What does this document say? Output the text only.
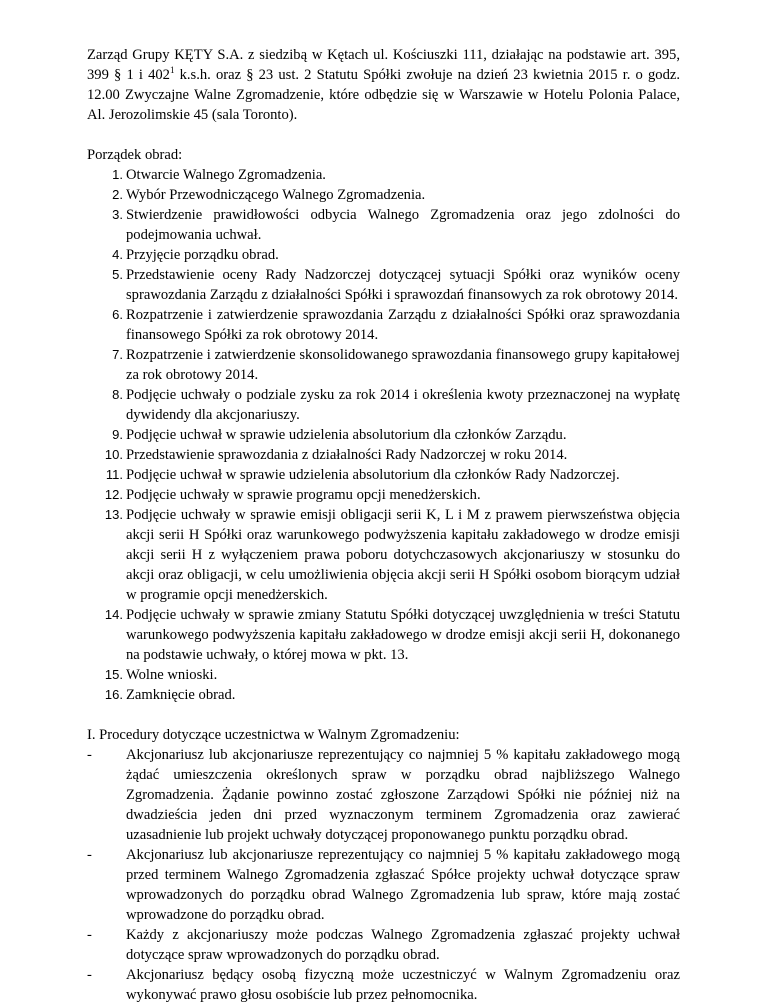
Zarząd Grupy KĘTY S.A. z siedzibą w Kętach ul. Kościuszki 111, działając na podstawie art. 395, 399 § 1 i $402^1$ k.s.h. oraz § 23 ust. 2 Statutu Spółki zwołuje na dzień 23 kwietnia 2015 r. o godz. 12.00 Zwyczajne Walne Zgromadzenie, które odbędzie się w Warszawie w Hotelu Polonia Palace, Al. Jerozolimskie 45 (sala Toronto).

Porządek obrad:

1. Otwarcie Walnego Zgromadzenia.
2. Wybór Przewodniczącego Walnego Zgromadzenia.
3. Stwierdzenie prawidłowości odbycia Walnego Zgromadzenia oraz jego zdolności do podejmowania uchwał.
4. Przyjęcie porządku obrad.
5. Przedstawienie oceny Rady Nadzorczej dotyczącej sytuacji Spółki oraz wyników oceny sprawozdania Zarządu z działalności Spółki i sprawozdań finansowych za rok obrotowy 2014.
6. Rozpatrzenie i zatwierdzenie sprawozdania Zarządu z działalności Spółki oraz sprawozdania finansowego Spółki za rok obrotowy 2014.
7. Rozpatrzenie i zatwierdzenie skonsolidowanego sprawozdania finansowego grupy kapitałowej za rok obrotowy 2014.
8. Podjęcie uchwały o podziale zysku za rok 2014 i określenia kwoty przeznaczonej na wypłatę dywidendy dla akcjonariuszy.
9. Podjęcie uchwał w sprawie udzielenia absolutorium dla członków Zarządu.
10. Przedstawienie sprawozdania z działalności Rady Nadzorczej w roku 2014.
11. Podjęcie uchwał w sprawie udzielenia absolutorium dla członków Rady Nadzorczej.
12. Podjęcie uchwały w sprawie programu opcji menedżerskich.
13. Podjęcie uchwały w sprawie emisji obligacji serii K, L i M z prawem pierwszeństwa objęcia akcji serii H Spółki oraz warunkowego podwyższenia kapitału zakładowego w drodze emisji akcji serii H z wyłączeniem prawa poboru dotychczasowych akcjonariuszy w stosunku do akcji oraz obligacji, w celu umożliwienia objęcia akcji serii H Spółki osobom biorącym udział w programie opcji menedżerskich.
14. Podjęcie uchwały w sprawie zmiany Statutu Spółki dotyczącej uwzględnienia w treści Statutu warunkowego podwyższenia kapitału zakładowego w drodze emisji akcji serii H, dokonanego na podstawie uchwały, o której mowa w pkt. 13.
15. Wolne wnioski.
16. Zamknięcie obrad.

I. Procedury dotyczące uczestnictwa w Walnym Zgromadzeniu:

- Akcjonariusz lub akcjonariusze reprezentujący co najmniej 5 % kapitału zakładowego mogą żądać umieszczenia określonych spraw w porządku obrad najbliższego Walnego Zgromadzenia. Żądanie powinno zostać zgłoszone Zarządowi Spółki nie później niż na dwadzieścia jeden dni przed wyznaczonym terminem Zgromadzenia oraz zawierać uzasadnienie lub projekt uchwały dotyczącej proponowanego punktu porządku obrad.
- Akcjonariusz lub akcjonariusze reprezentujący co najmniej 5 % kapitału zakładowego mogą przed terminem Walnego Zgromadzenia zgłaszać Spółce projekty uchwał dotyczące spraw wprowadzonych do porządku obrad Walnego Zgromadzenia lub spraw, które mają zostać wprowadzone do porządku obrad.
- Każdy z akcjonariuszy może podczas Walnego Zgromadzenia zgłaszać projekty uchwał dotyczące spraw wprowadzonych do porządku obrad.
- Akcjonariusz będący osobą fizyczną może uczestniczyć w Walnym Zgromadzeniu oraz wykonywać prawo głosu osobiście lub przez pełnomocnika.
